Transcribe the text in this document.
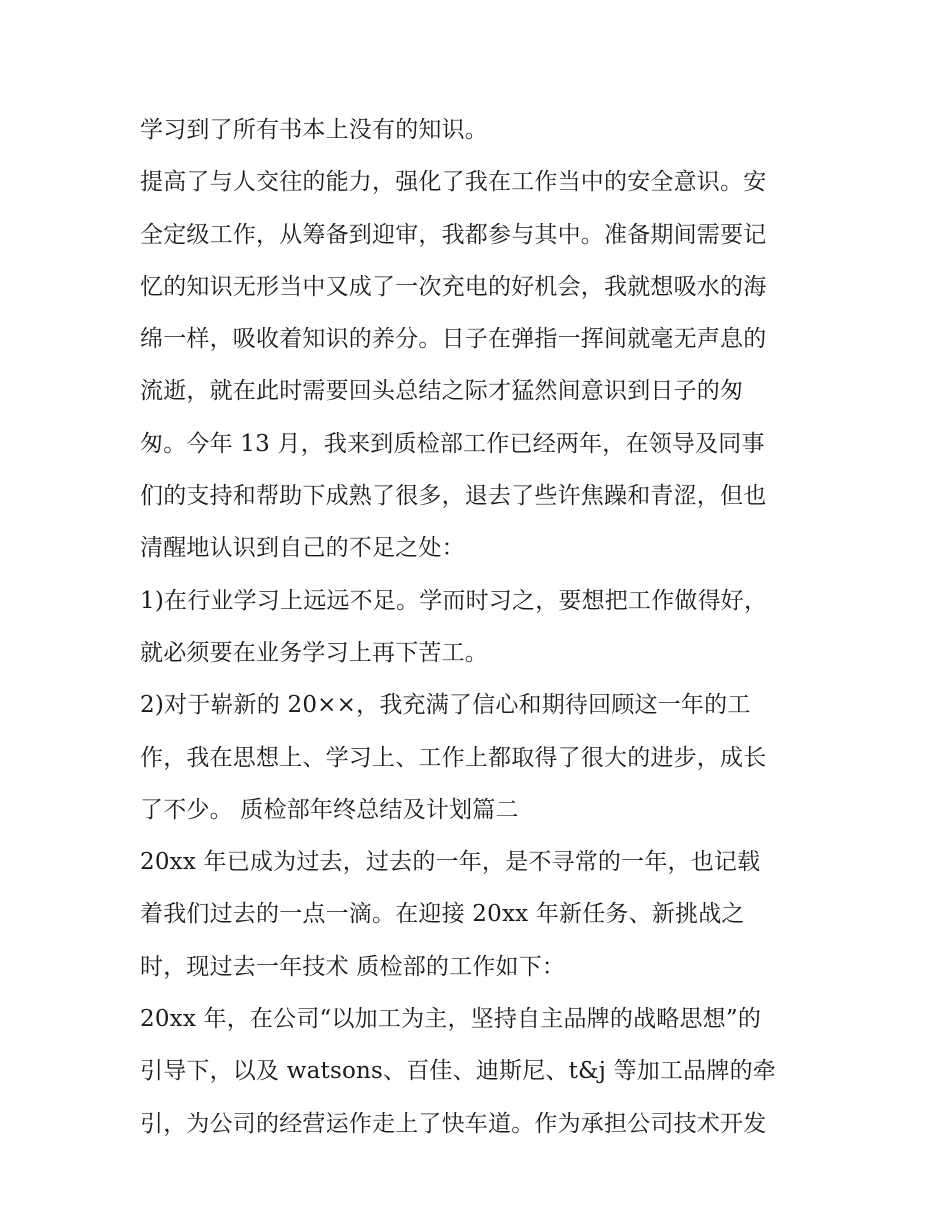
学习到了所有书本上没有的知识。
提高了与人交往的能力，强化了我在工作当中的安全意识。安
全定级工作，从筹备到迎审，我都参与其中。准备期间需要记
忆的知识无形当中又成了一次充电的好机会，我就想吸水的海
绵一样，吸收着知识的养分。日子在弹指一挥间就毫无声息的
流逝，就在此时需要回头总结之际才猛然间意识到日子的匆
匆。今年 13 月，我来到质检部工作已经两年，在领导及同事
们的支持和帮助下成熟了很多，退去了些许焦躁和青涩，但也
清醒地认识到自己的不足之处：
1)在行业学习上远远不足。学而时习之，要想把工作做得好，
就必须要在业务学习上再下苦工。
2)对于崭新的 20××，我充满了信心和期待回顾这一年的工
作，我在思想上、学习上、工作上都取得了很大的进步，成长
了不少。 质检部年终总结及计划篇二
20xx 年已成为过去，过去的一年，是不寻常的一年，也记载
着我们过去的一点一滴。在迎接 20xx 年新任务、新挑战之
时，现过去一年技术 质检部的工作如下：
20xx 年，在公司“以加工为主，坚持自主品牌的战略思想”的
引导下，以及 watsons、百佳、迪斯尼、t&j 等加工品牌的牵
引，为公司的经营运作走上了快车道。作为承担公司技术开发
